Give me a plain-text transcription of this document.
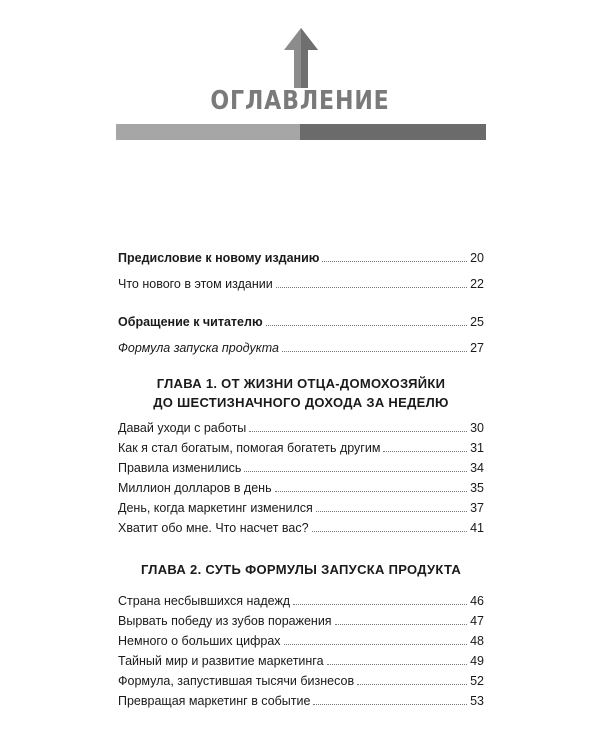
ОГЛАВЛЕНИЕ
Предисловие к новому изданию	20
Что нового в этом издании	22
Обращение к читателю	25
Формула запуска продукта	27
ГЛАВА 1. ОТ ЖИЗНИ ОТЦА-ДОМОХОЗЯЙКИ
ДО ШЕСТИЗНАЧНОГО ДОХОДА ЗА НЕДЕЛЮ
Давай уходи с работы	30
Как я стал богатым, помогая богатеть другим	31
Правила изменились	34
Миллион долларов в день	35
День, когда маркетинг изменился	37
Хватит обо мне. Что насчет вас?	41
ГЛАВА 2. СУТЬ ФОРМУЛЫ ЗАПУСКА ПРОДУКТА
Страна несбывшихся надежд	46
Вырвать победу из зубов поражения	47
Немного о больших цифрах	48
Тайный мир и развитие маркетинга	49
Формула, запустившая тысячи бизнесов	52
Превращая маркетинг в событие	53
